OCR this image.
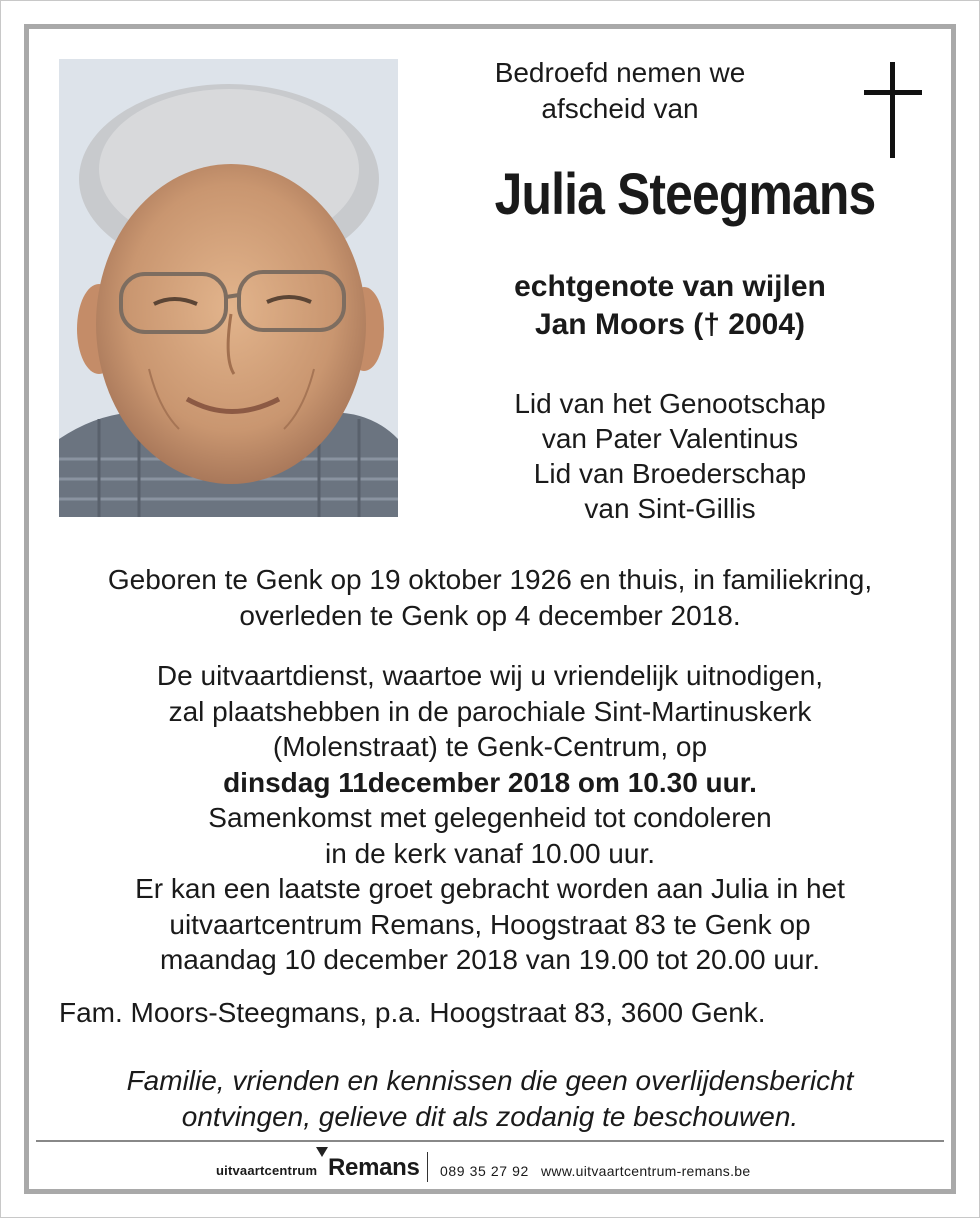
Bedroefd nemen we
afscheid van
Julia Steegmans
echtgenote van wijlen
Jan Moors († 2004)
Lid van het Genootschap
van Pater Valentinus
Lid van Broederschap
van Sint-Gillis
Geboren te Genk op 19 oktober 1926 en thuis, in familiekring,
overleden te Genk op 4 december 2018.
De uitvaartdienst, waartoe wij u vriendelijk uitnodigen,
zal plaatshebben in de parochiale Sint-Martinuskerk
(Molenstraat) te Genk-Centrum, op
dinsdag 11december 2018 om 10.30 uur.
Samenkomst met gelegenheid tot condoleren
in de kerk vanaf 10.00 uur.
Er kan een laatste groet gebracht worden aan Julia in het
uitvaartcentrum Remans, Hoogstraat 83 te Genk op
maandag 10 december 2018 van 19.00 tot 20.00 uur.
Fam. Moors-Steegmans, p.a. Hoogstraat 83, 3600 Genk.
Familie, vrienden en kennissen die geen overlijdensbericht
ontvingen, gelieve dit als zodanig te beschouwen.
uitvaartcentrum Remans 089 35 27 92 www.uitvaartcentrum-remans.be
